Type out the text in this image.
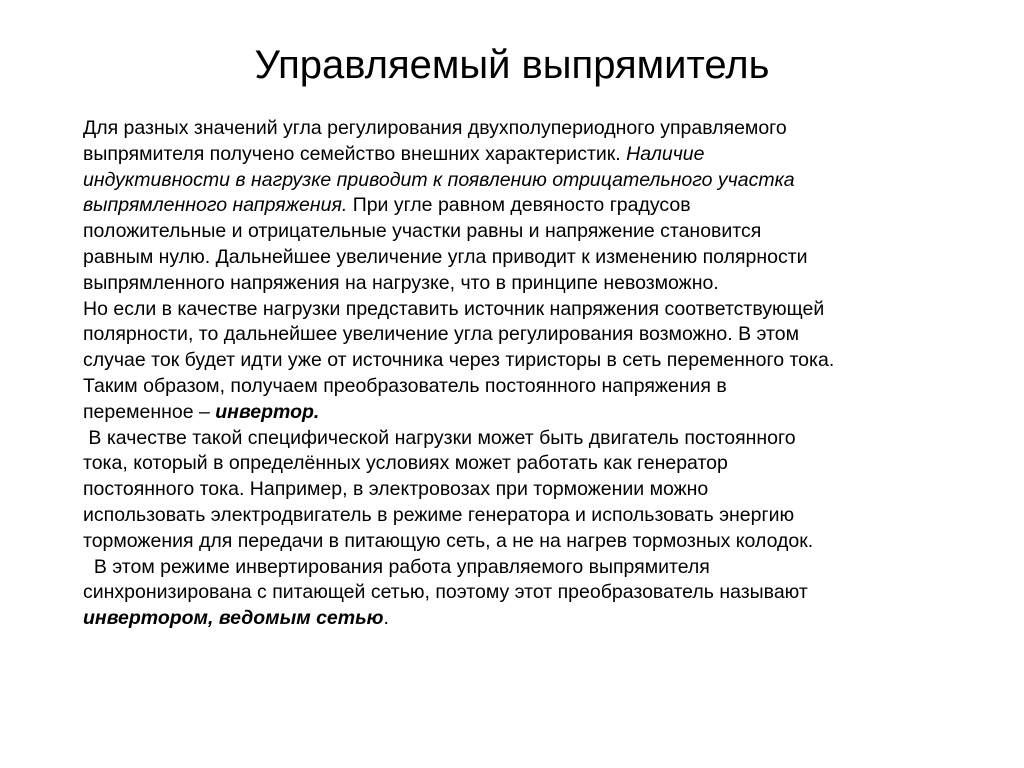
Управляемый выпрямитель
Для разных значений угла регулирования двухполупериодного управляемого
выпрямителя получено семейство внешних характеристик. Наличие
индуктивности в нагрузке приводит к появлению отрицательного участка
выпрямленного напряжения. При угле равном девяносто градусов
положительные и отрицательные участки равны и напряжение становится
равным нулю. Дальнейшее увеличение угла приводит к изменению полярности
выпрямленного напряжения на нагрузке, что в принципе невозможно.
Но если в качестве нагрузки представить источник напряжения соответствующей
полярности, то дальнейшее увеличение угла регулирования возможно. В этом
случае ток будет идти уже от источника через тиристоры в сеть переменного тока.
Таким образом, получаем преобразователь постоянного напряжения в
переменное – инвертор.
В качестве такой специфической нагрузки может быть двигатель постоянного
тока, который в определённых условиях может работать как генератор
постоянного тока. Например, в электровозах при торможении можно
использовать электродвигатель в режиме генератора и использовать энергию
торможения для передачи в питающую сеть, а не на нагрев тормозных колодок.
В этом режиме инвертирования работа управляемого выпрямителя
синхронизирована с питающей сетью, поэтому этот преобразователь называют
инвертором, ведомым сетью.
